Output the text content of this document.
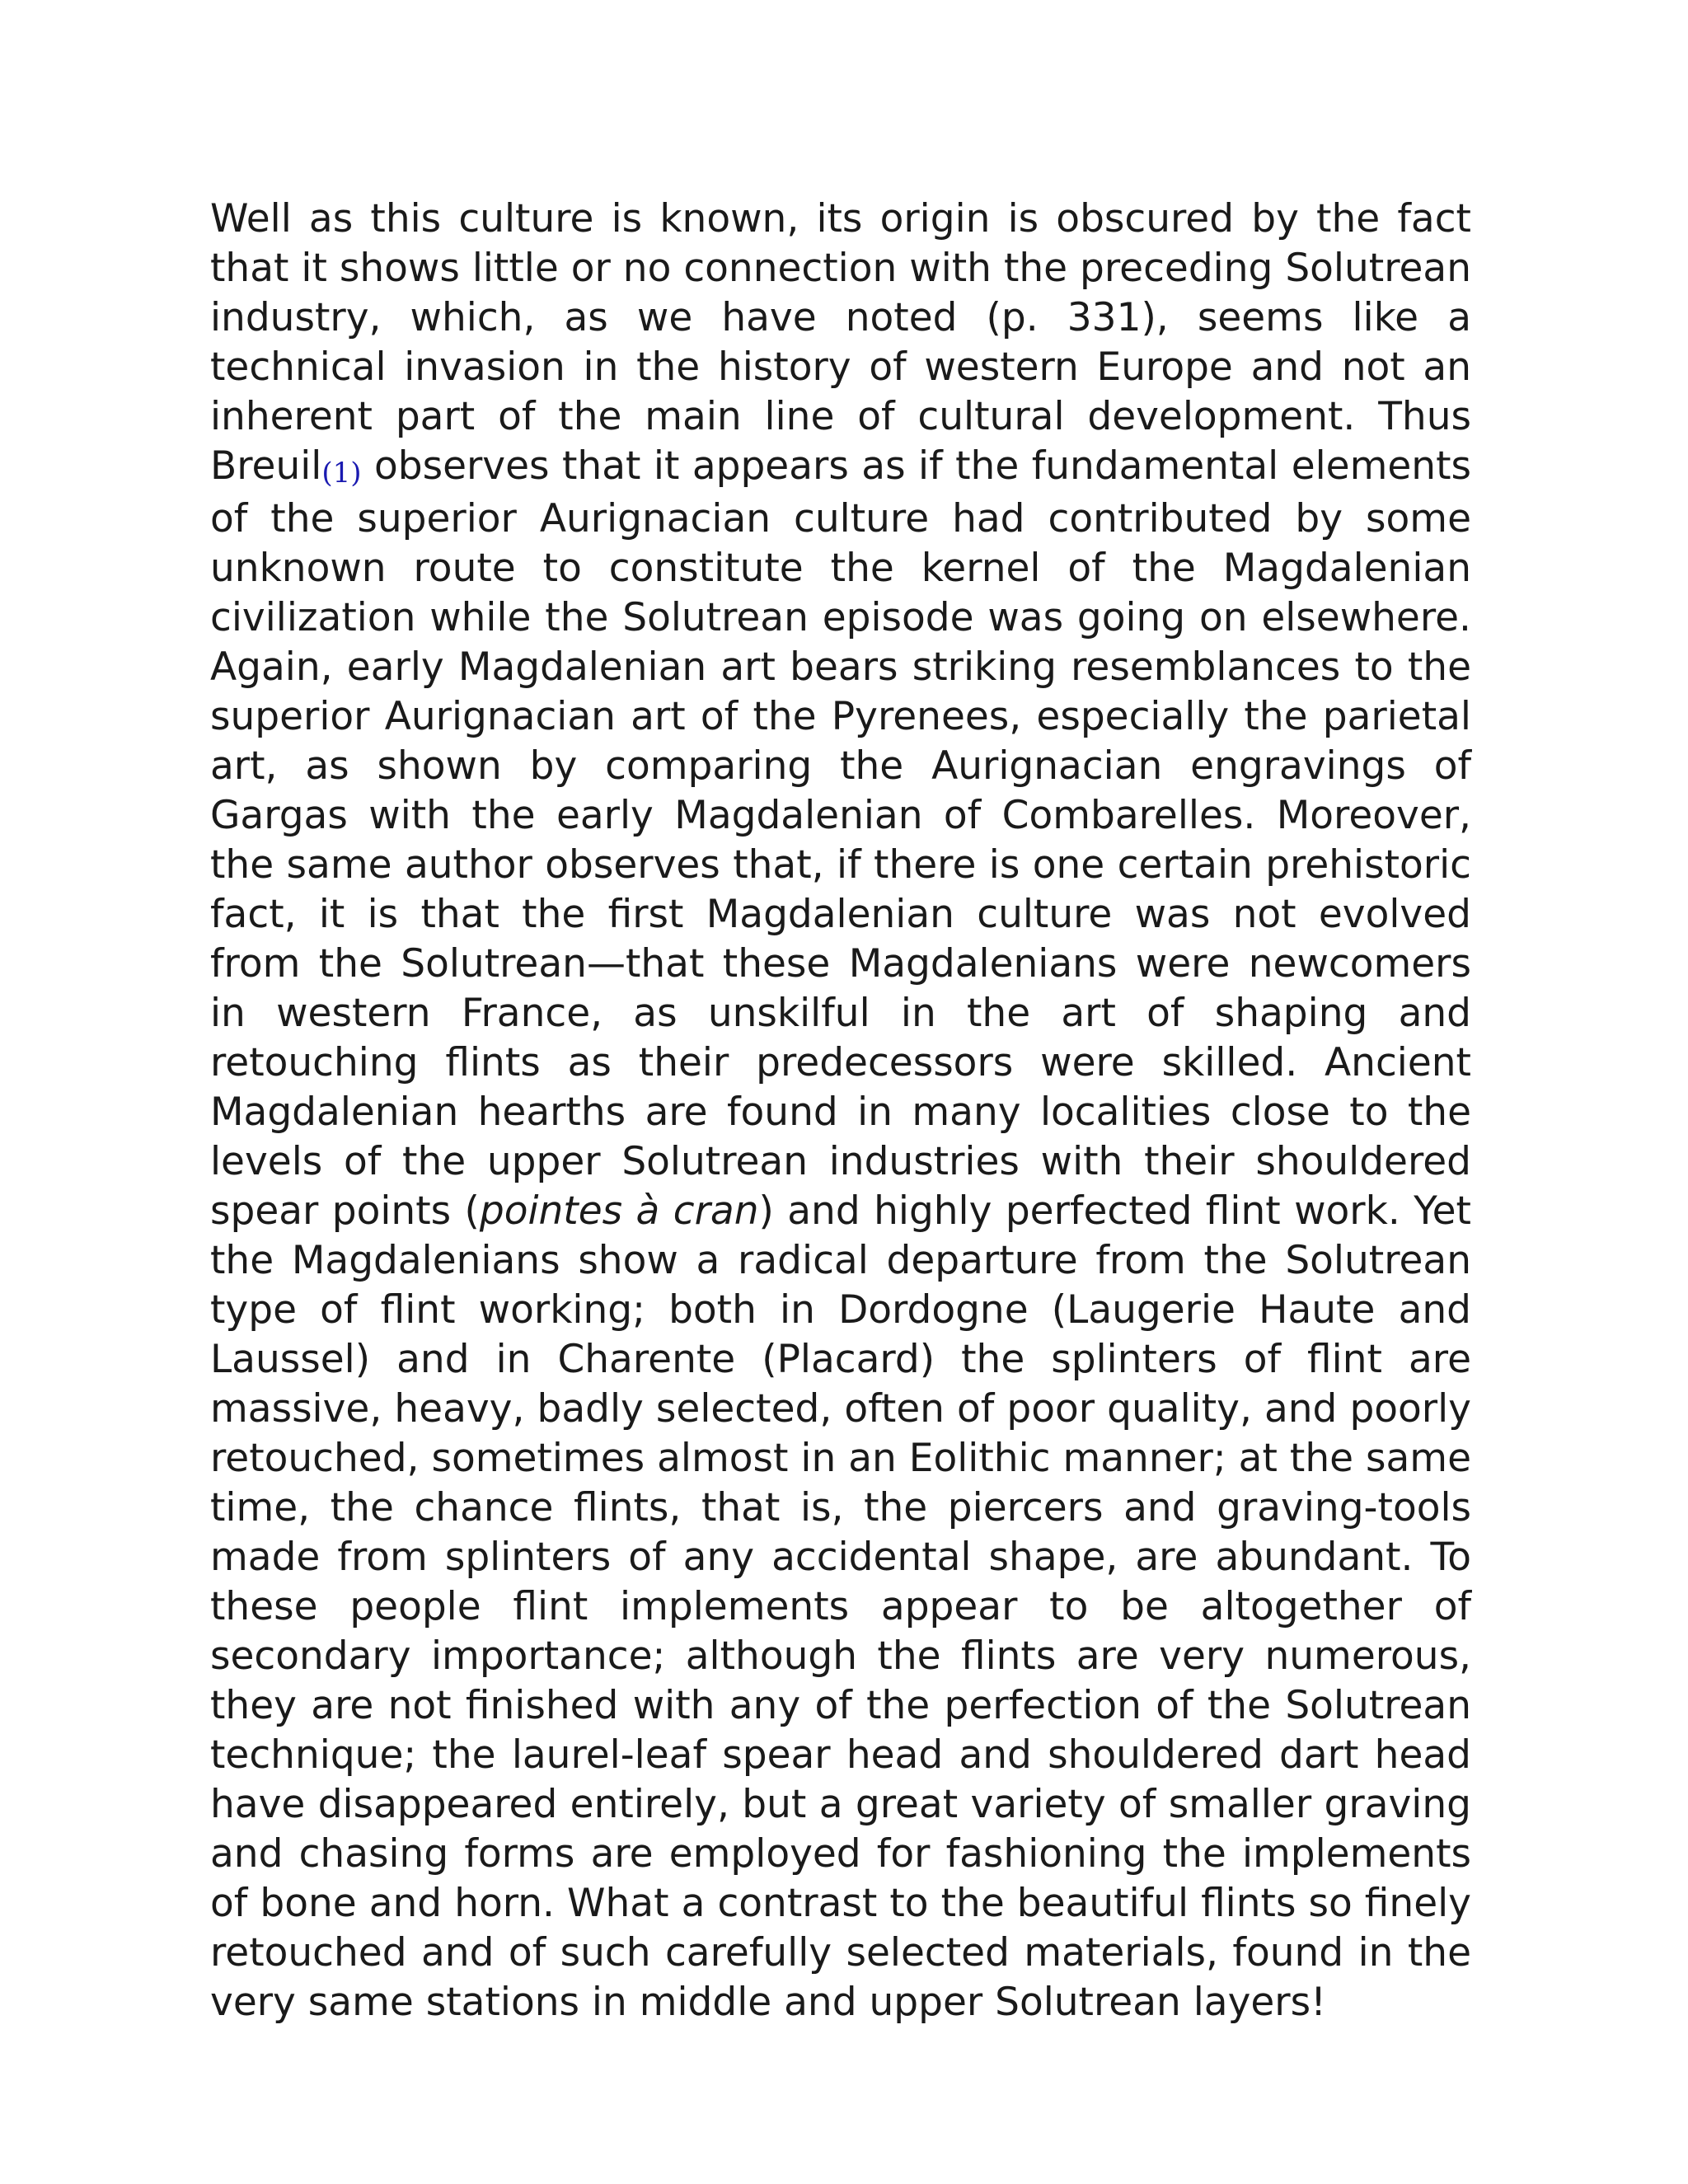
Well as this culture is known, its origin is obscured by the fact that it shows little or no connection with the preceding Solutrean industry, which, as we have noted (p. 331), seems like a technical invasion in the history of western Europe and not an inherent part of the main line of cultural development. Thus Breuil(1) observes that it appears as if the fundamental elements of the superior Aurignacian culture had contributed by some unknown route to constitute the kernel of the Magdalenian civilization while the Solutrean episode was going on elsewhere. Again, early Magdalenian art bears striking resemblances to the superior Aurignacian art of the Pyrenees, especially the parietal art, as shown by comparing the Aurignacian engravings of Gargas with the early Magdalenian of Combarelles. Moreover, the same author observes that, if there is one certain prehistoric fact, it is that the first Magdalenian culture was not evolved from the Solutrean—that these Magdalenians were newcomers in western France, as unskilful in the art of shaping and retouching flints as their predecessors were skilled. Ancient Magdalenian hearths are found in many localities close to the levels of the upper Solutrean industries with their shouldered spear points (pointes à cran) and highly perfected flint work. Yet the Magdalenians show a radical departure from the Solutrean type of flint working; both in Dordogne (Laugerie Haute and Laussel) and in Charente (Placard) the splinters of flint are massive, heavy, badly selected, often of poor quality, and poorly retouched, sometimes almost in an Eolithic manner; at the same time, the chance flints, that is, the piercers and graving-tools made from splinters of any accidental shape, are abundant. To these people flint implements appear to be altogether of secondary importance; although the flints are very numerous, they are not finished with any of the perfection of the Solutrean technique; the laurel-leaf spear head and shouldered dart head have disappeared entirely, but a great variety of smaller graving and chasing forms are employed for fashioning the implements of bone and horn. What a contrast to the beautiful flints so finely retouched and of such carefully selected materials, found in the very same stations in middle and upper Solutrean layers!
